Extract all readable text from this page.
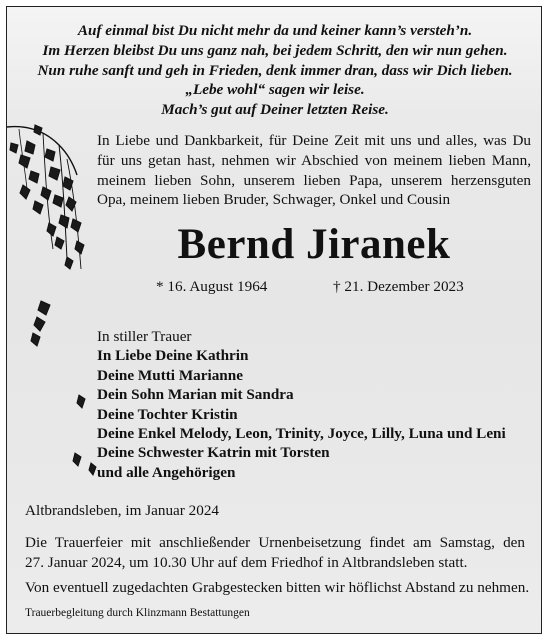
Auf einmal bist Du nicht mehr da und keiner kann’s versteh’n.
Im Herzen bleibst Du uns ganz nah, bei jedem Schritt, den wir nun gehen.
Nun ruhe sanft und geh in Frieden, denk immer dran, dass wir Dich lieben.
„Lebe wohl“ sagen wir leise.
Mach’s gut auf Deiner letzten Reise.
In Liebe und Dankbarkeit, für Deine Zeit mit uns und alles, was Du
für uns getan hast, nehmen wir Abschied von meinem lieben Mann,
meinem lieben Sohn, unserem lieben Papa, unserem herzensguten
Opa, meinem lieben Bruder, Schwager, Onkel und Cousin
Bernd Jiranek
* 16. August 1964	† 21. Dezember 2023
In stiller Trauer
In Liebe Deine Kathrin
Deine Mutti Marianne
Dein Sohn Marian mit Sandra
Deine Tochter Kristin
Deine Enkel Melody, Leon, Trinity, Joyce, Lilly, Luna und Leni
Deine Schwester Katrin mit Torsten
und alle Angehörigen
Altbrandsleben, im Januar 2024
Die Trauerfeier mit anschließender Urnenbeisetzung findet am Samstag, den
27. Januar 2024, um 10.30 Uhr auf dem Friedhof in Altbrandsleben statt.
Von eventuell zugedachten Grabgestecken bitten wir höflichst Abstand zu nehmen.
Trauerbegleitung durch Klinzmann Bestattungen
